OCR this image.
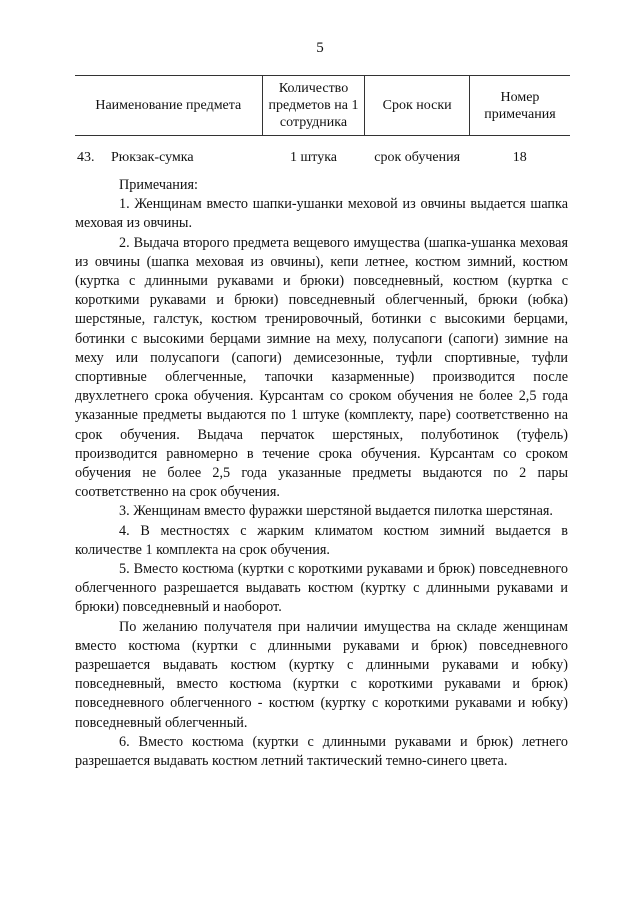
5
Наименование предмета	Количество предметов на 1 сотрудника	Срок носки	Номер примечания
43. Рюкзак-сумка	1 штука	срок обучения	18

Примечания:

1. Женщинам вместо шапки-ушанки меховой из овчины выдается шапка меховая из овчины.

2. Выдача второго предмета вещевого имущества (шапка-ушанка меховая из овчины (шапка меховая из овчины), кепи летнее, костюм зимний, костюм (куртка с длинными рукавами и брюки) повседневный, костюм (куртка с короткими рукавами и брюки) повседневный облегченный, брюки (юбка) шерстяные, галстук, костюм тренировочный, ботинки с высокими берцами, ботинки с высокими берцами зимние на меху, полусапоги (сапоги) зимние на меху или полусапоги (сапоги) демисезонные, туфли спортивные, туфли спортивные облегченные, тапочки казарменные) производится после двухлетнего срока обучения. Курсантам со сроком обучения не более 2,5 года указанные предметы выдаются по 1 штуке (комплекту, паре) соответственно на срок обучения. Выдача перчаток шерстяных, полуботинок (туфель) производится равномерно в течение срока обучения. Курсантам со сроком обучения не более 2,5 года указанные предметы выдаются по 2 пары соответственно на срок обучения.

3. Женщинам вместо фуражки шерстяной выдается пилотка шерстяная.

4. В местностях с жарким климатом костюм зимний выдается в количестве 1 комплекта на срок обучения.

5. Вместо костюма (куртки с короткими рукавами и брюк) повседневного облегченного разрешается выдавать костюм (куртку с длинными рукавами и брюки) повседневный и наоборот.

По желанию получателя при наличии имущества на складе женщинам вместо костюма (куртки с длинными рукавами и брюк) повседневного разрешается выдавать костюм (куртку с длинными рукавами и юбку) повседневный, вместо костюма (куртки с короткими рукавами и брюк) повседневного облегченного - костюм (куртку с короткими рукавами и юбку) повседневный облегченный.

6. Вместо костюма (куртки с длинными рукавами и брюк) летнего разрешается выдавать костюм летний тактический темно-синего цвета.
